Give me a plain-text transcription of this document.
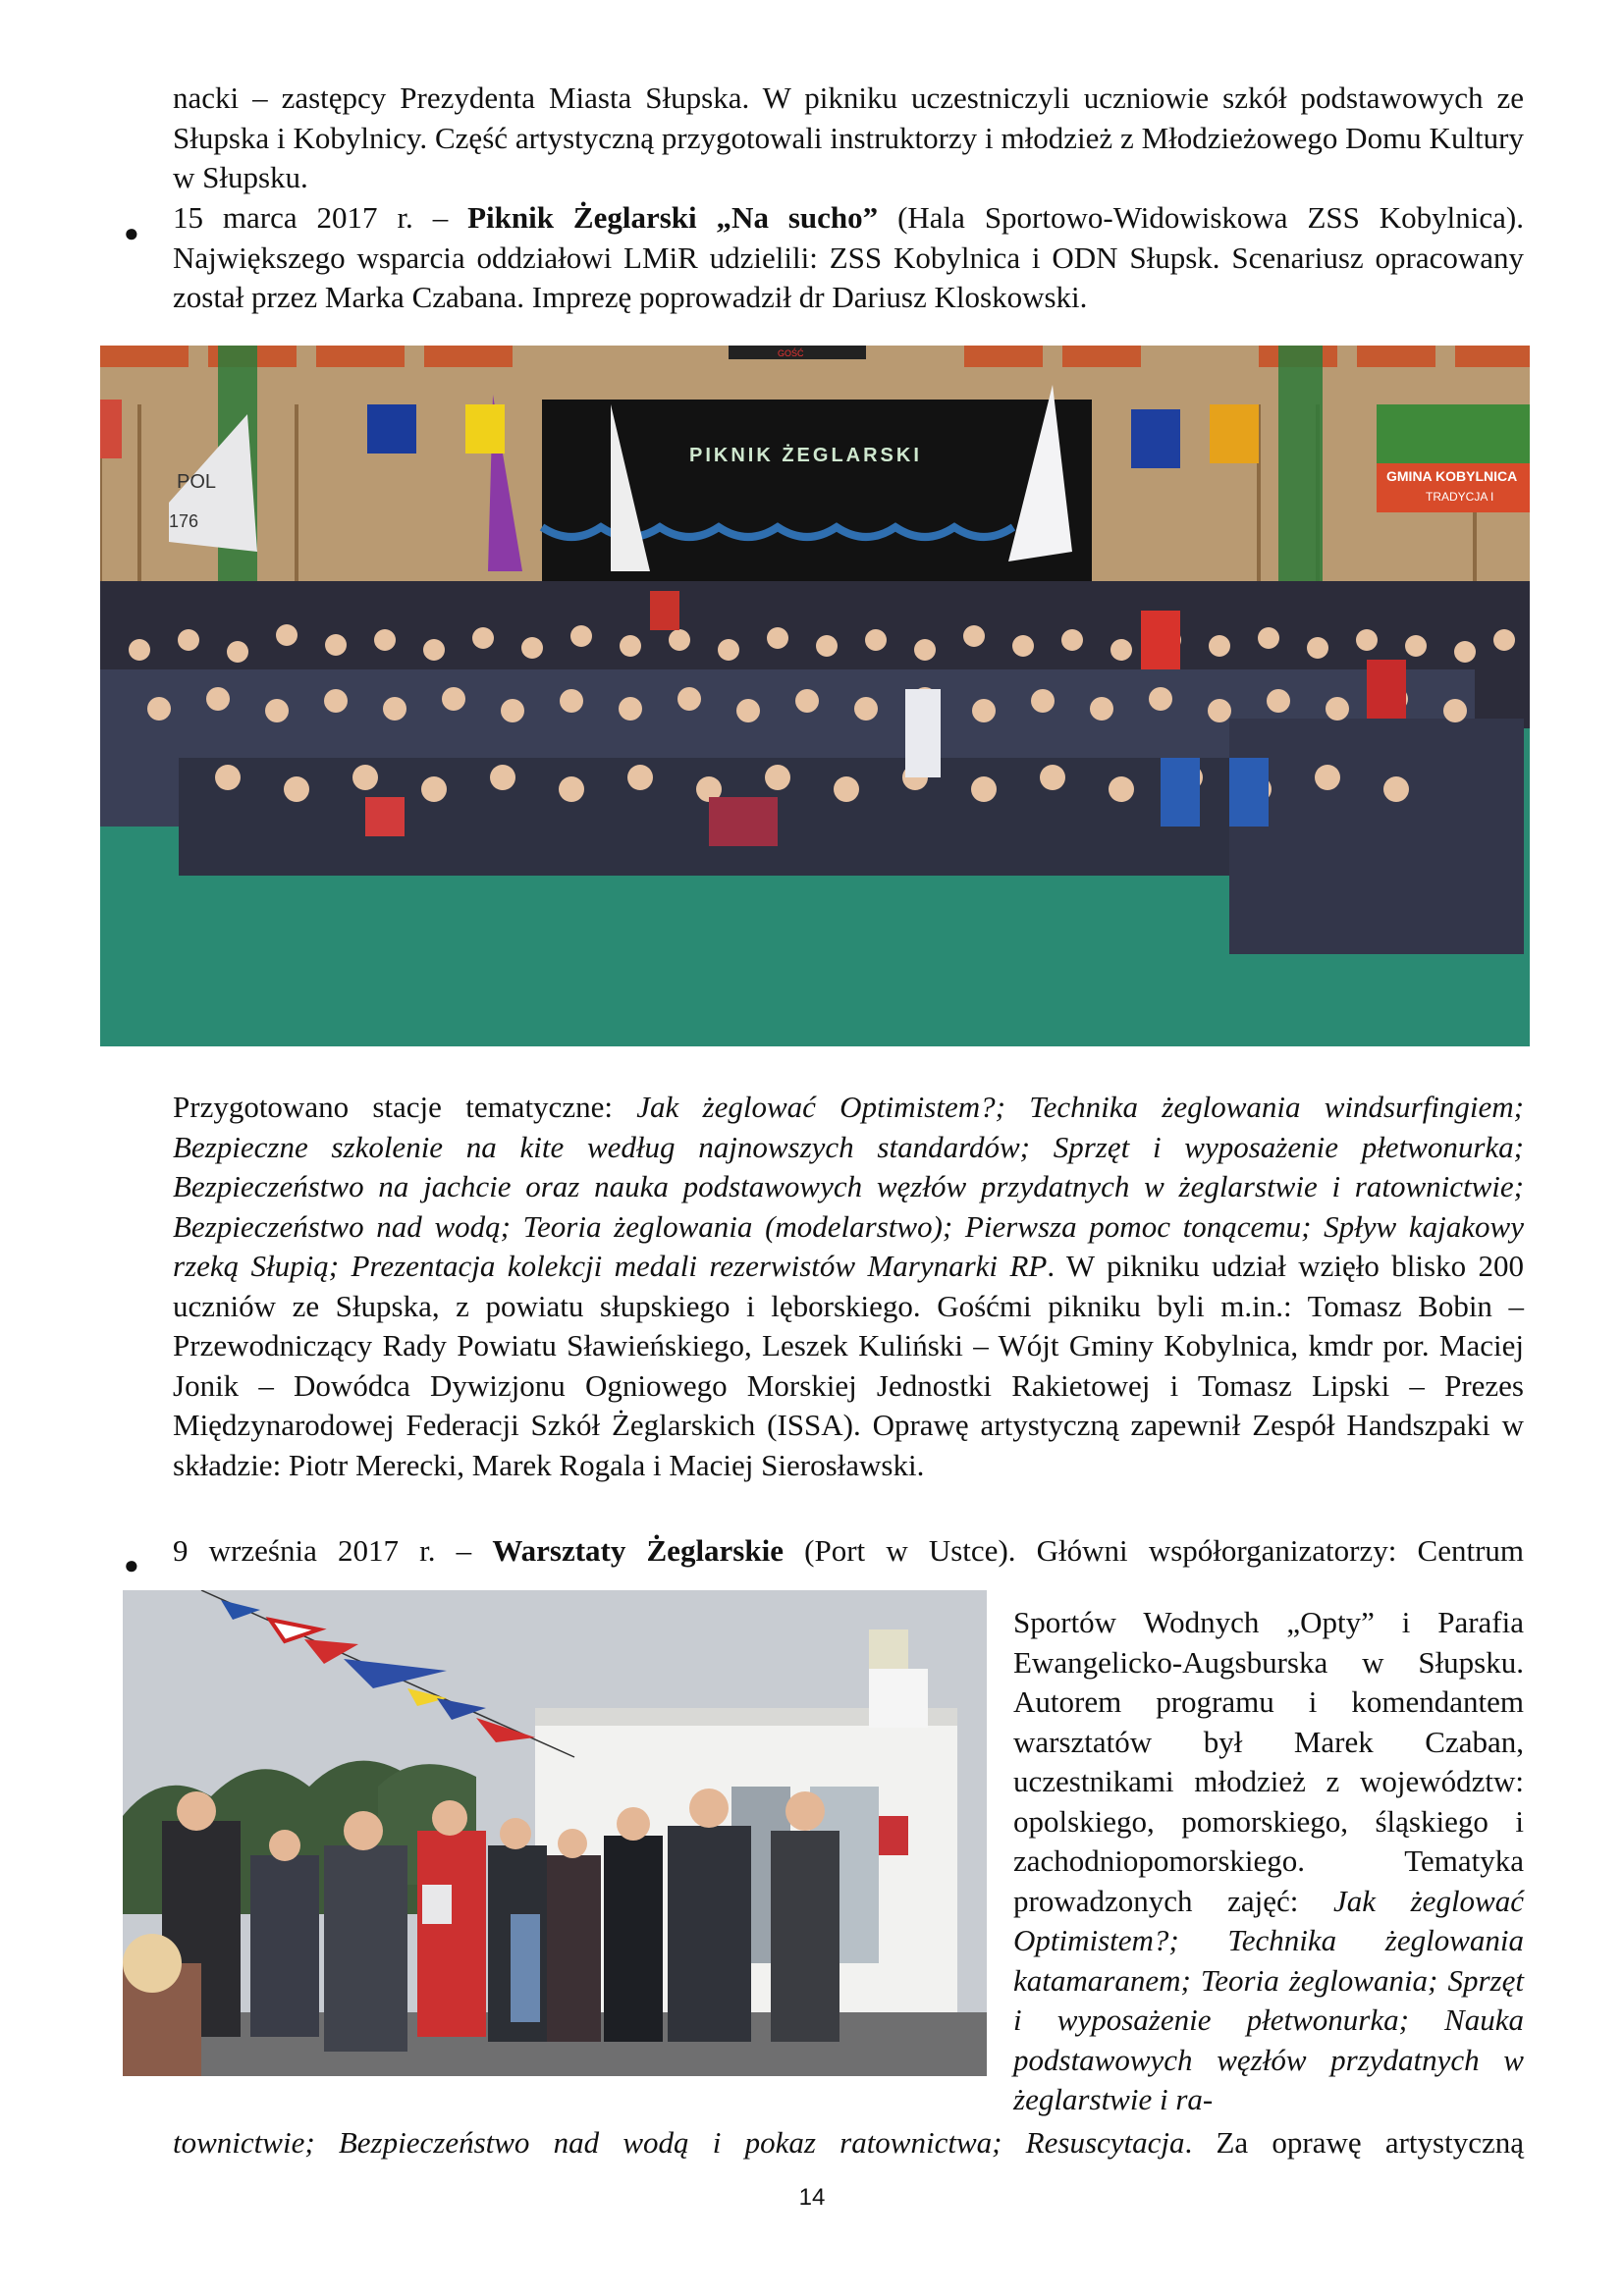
nacki – zastępcy Prezydenta Miasta Słupska. W pikniku uczestniczyli uczniowie szkół podstawowych ze Słupska i Kobylnicy. Część artystyczną przygotowali instruktorzy i młodzież z Młodzieżowego Domu Kultury w Słupsku.

● 15 marca 2017 r. – Piknik Żeglarski „Na sucho” (Hala Sportowo-Widowiskowa ZSS Kobylnica). Największego wsparcia oddziałowi LMiR udzielili: ZSS Kobylnica i ODN Słupsk. Scenariusz opracowany został przez Marka Czabana. Imprezę poprowadził dr Dariusz Kloskowski.

PIKNIK ŻEGLARSKI
GOŚĆ
POL
176
GMINA KOBYLNICA
TRADYCJA I

Przygotowano stacje tematyczne: Jak żeglować Optimistem?; Technika żeglowania windsurfingiem; Bezpieczne szkolenie na kite według najnowszych standardów; Sprzęt i wyposażenie płetwonurka; Bezpieczeństwo na jachcie oraz nauka podstawowych węzłów przydatnych w żeglarstwie i ratownictwie; Bezpieczeństwo nad wodą; Teoria żeglowania (modelarstwo); Pierwsza pomoc tonącemu; Spływ kajakowy rzeką Słupią; Prezentacja kolekcji medali rezerwistów Marynarki RP. W pikniku udział wzięło blisko 200 uczniów ze Słupska, z powiatu słupskiego i lęborskiego. Gośćmi pikniku byli m.in.: Tomasz Bobin – Przewodniczący Rady Powiatu Sławieńskiego, Leszek Kuliński – Wójt Gminy Kobylnica, kmdr por. Maciej Jonik – Dowódca Dywizjonu Ogniowego Morskiej Jednostki Rakietowej i Tomasz Lipski – Prezes Międzynarodowej Federacji Szkół Żeglarskich (ISSA). Oprawę artystyczną zapewnił Zespół Handszpaki w składzie: Piotr Merecki, Marek Rogala i Maciej Sierosławski.

● 9 września 2017 r. – Warsztaty Żeglarskie (Port w Ustce). Główni współorganizatorzy: Centrum

Sportów Wodnych „Opty” i Parafia Ewangelicko-Augsburska w Słupsku. Autorem programu i komendantem warsztatów był Marek Czaban, uczestnikami młodzież z województw: opolskiego, pomorskiego, śląskiego i zachodniopomorskiego. Tematyka prowadzonych zajęć: Jak żeglować Optimistem?; Technika żeglowania katamaranem; Teoria żeglowania; Sprzęt i wyposażenie płetwonurka; Nauka podstawowych węzłów przydatnych w żeglarstwie i ra-

townictwie; Bezpieczeństwo nad wodą i pokaz ratownictwa; Resuscytacja. Za oprawę artystyczną

14
